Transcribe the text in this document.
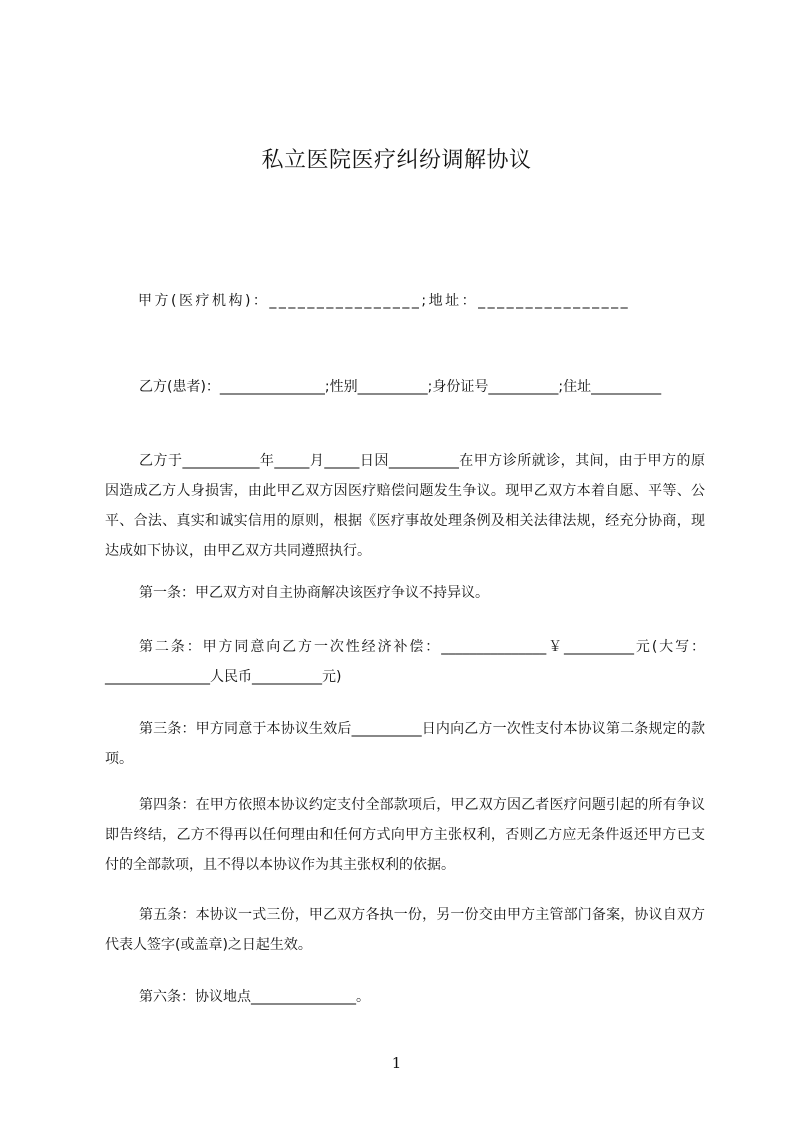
私立医院医疗纠纷调解协议
甲方(医疗机构)：________________;地址：________________
乙方(患者)：_______________;性别__________;身份证号__________;住址__________
乙方于___________年_____月_____日因__________在甲方诊所就诊，其间，由于甲方的原因造成乙方人身损害，由此甲乙双方因医疗赔偿问题发生争议。现甲乙双方本着自愿、平等、公平、合法、真实和诚实信用的原则，根据《医疗事故处理条例及相关法律法规，经充分协商，现达成如下协议，由甲乙双方共同遵照执行。
第一条：甲乙双方对自主协商解决该医疗争议不持异议。
第二条：甲方同意向乙方一次性经济补偿：_______________￥__________元(大写：_______________人民币__________元)
第三条：甲方同意于本协议生效后__________日内向乙方一次性支付本协议第二条规定的款项。
第四条：在甲方依照本协议约定支付全部款项后，甲乙双方因乙者医疗问题引起的所有争议即告终结，乙方不得再以任何理由和任何方式向甲方主张权利，否则乙方应无条件返还甲方已支付的全部款项，且不得以本协议作为其主张权利的依据。
第五条：本协议一式三份，甲乙双方各执一份，另一份交由甲方主管部门备案，协议自双方代表人签字(或盖章)之日起生效。
第六条：协议地点_______________。
1
